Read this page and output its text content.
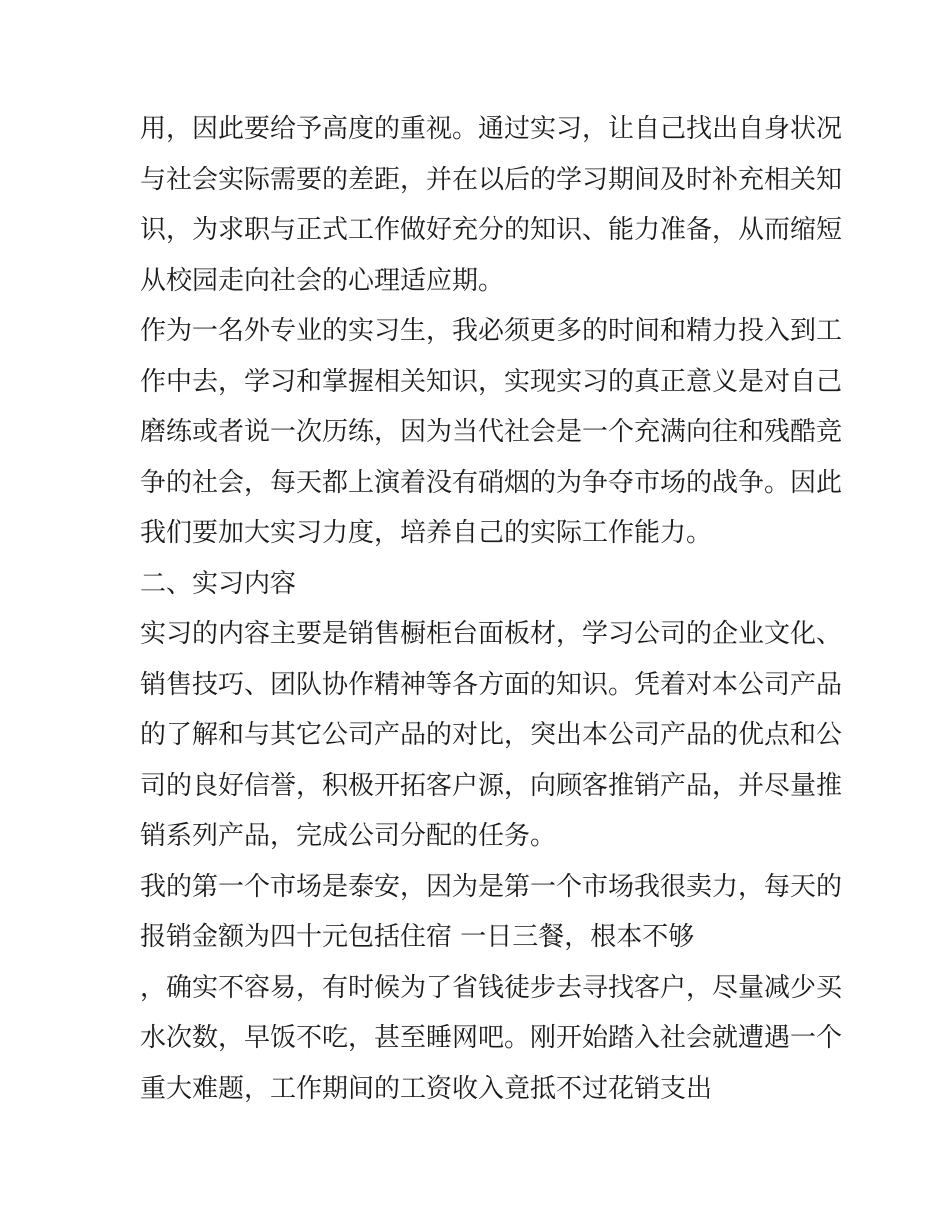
用，因此要给予高度的重视。通过实习，让自己找出自身状况

与社会实际需要的差距，并在以后的学习期间及时补充相关知

识，为求职与正式工作做好充分的知识、能力准备，从而缩短

从校园走向社会的心理适应期。

作为一名外专业的实习生，我必须更多的时间和精力投入到工

作中去，学习和掌握相关知识，实现实习的真正意义是对自己

磨练或者说一次历练，因为当代社会是一个充满向往和残酷竞

争的社会，每天都上演着没有硝烟的为争夺市场的战争。因此

我们要加大实习力度，培养自己的实际工作能力。

二、实习内容

实习的内容主要是销售橱柜台面板材，学习公司的企业文化、

销售技巧、团队协作精神等各方面的知识。凭着对本公司产品

的了解和与其它公司产品的对比，突出本公司产品的优点和公

司的良好信誉，积极开拓客户源，向顾客推销产品，并尽量推

销系列产品，完成公司分配的任务。

我的第一个市场是泰安，因为是第一个市场我很卖力，每天的

报销金额为四十元包括住宿 一日三餐，根本不够

，确实不容易，有时候为了省钱徒步去寻找客户，尽量减少买

水次数，早饭不吃，甚至睡网吧。刚开始踏入社会就遭遇一个

重大难题，工作期间的工资收入竟抵不过花销支出
